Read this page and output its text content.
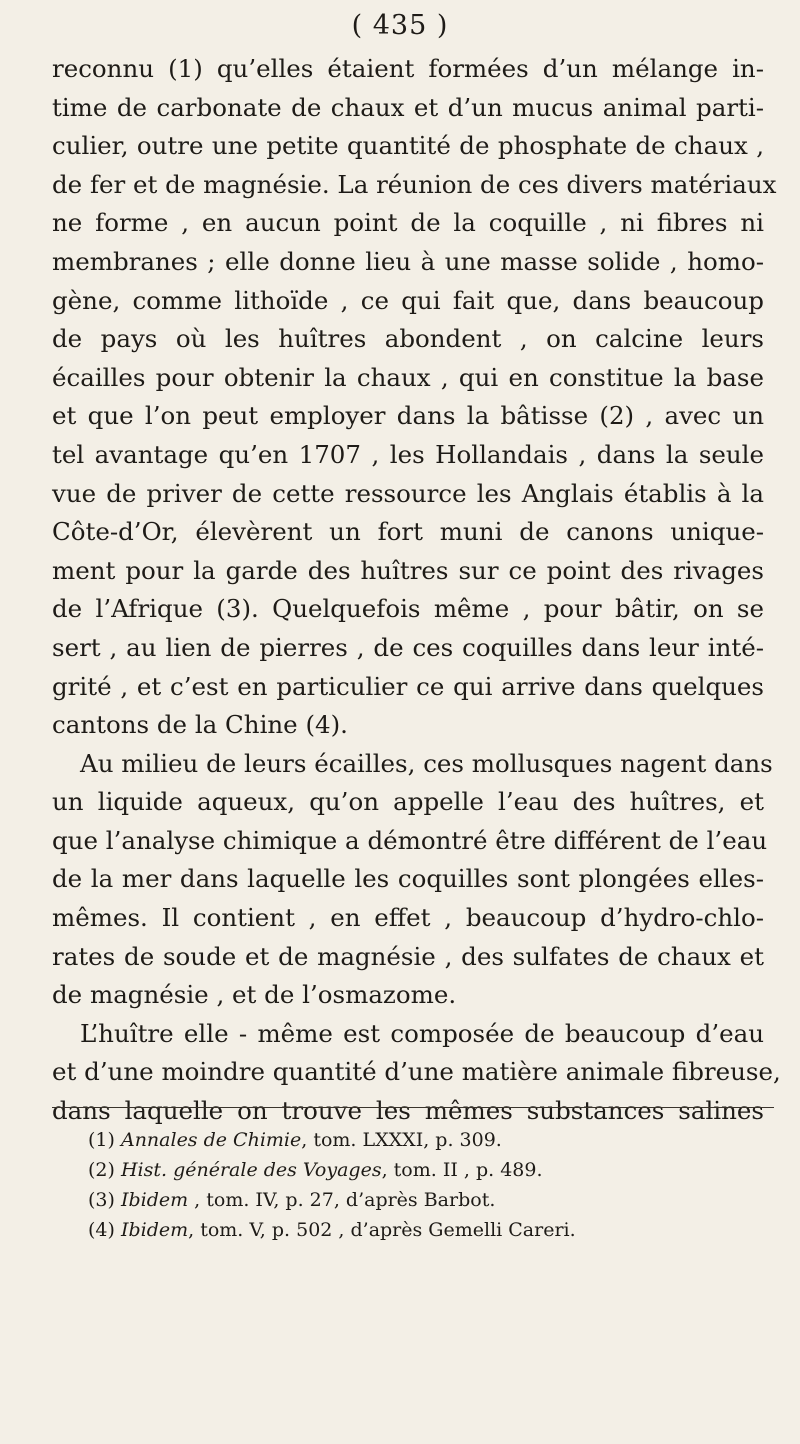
( 435 )
reconnu (1) qu’elles étaient formées d’un mélange in-
time de carbonate de chaux et d’un mucus animal parti-
culier, outre une petite quantité de phosphate de chaux ,
de fer et de magnésie. La réunion de ces divers matériaux
ne forme , en aucun point de la coquille , ni fibres ni
membranes ; elle donne lieu à une masse solide , homo-
gène, comme lithoïde , ce qui fait que, dans beaucoup
de pays où les huîtres abondent , on calcine leurs
écailles pour obtenir la chaux , qui en constitue la base
et que l’on peut employer dans la bâtisse (2) , avec un
tel avantage qu’en 1707 , les Hollandais , dans la seule
vue de priver de cette ressource les Anglais établis à la
Côte-d’Or, élevèrent un fort muni de canons unique-
ment pour la garde des huîtres sur ce point des rivages
de l’Afrique (3). Quelquefois même , pour bâtir, on se
sert , au lien de pierres , de ces coquilles dans leur inté-
grité , et c’est en particulier ce qui arrive dans quelques
cantons de la Chine (4).
Au milieu de leurs écailles, ces mollusques nagent dans
un liquide aqueux, qu’on appelle l’eau des huîtres, et
que l’analyse chimique a démontré être différent de l’eau
de la mer dans laquelle les coquilles sont plongées elles-
mêmes. Il contient , en effet , beaucoup d’hydro-chlo-
rates de soude et de magnésie , des sulfates de chaux et
de magnésie , et de l’osmazome.
L’huître elle - même est composée de beaucoup d’eau
et d’une moindre quantité d’une matière animale fibreuse,
dans laquelle on trouve les mêmes substances salines
(1) Annales de Chimie, tom. LXXXI, p. 309.
(2) Hist. générale des Voyages, tom. II , p. 489.
(3) Ibidem , tom. IV, p. 27, d’après Barbot.
(4) Ibidem, tom. V, p. 502 , d’après Gemelli Careri.
